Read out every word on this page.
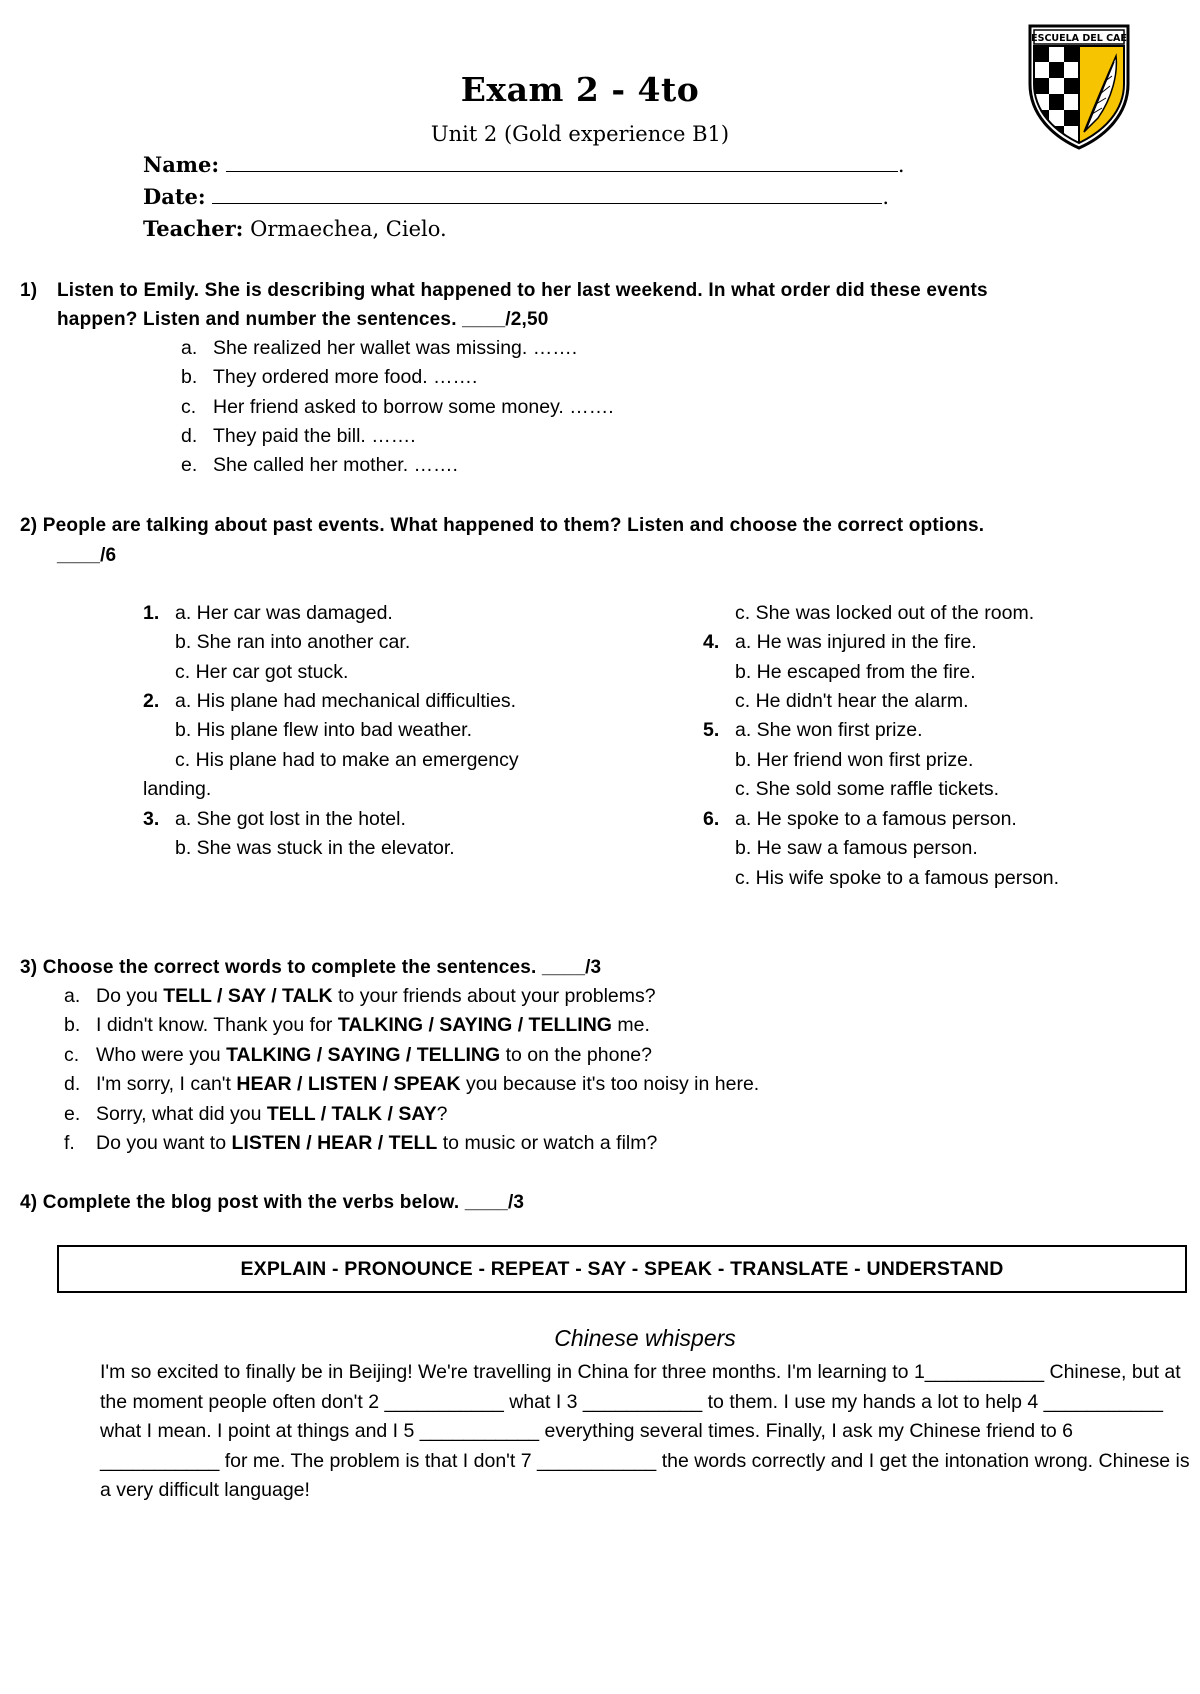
Exam 2 - 4to
Unit 2 (Gold experience B1)
Name:	.
Date:	.
Teacher: Ormaechea, Cielo.
ESCUELA DEL CAE
1) Listen to Emily. She is describing what happened to her last weekend. In what order did these events
happen? Listen and number the sentences. ____/2,50
a. She realized her wallet was missing. …….
b. They ordered more food. …….
c. Her friend asked to borrow some money. …….
d. They paid the bill. …….
e. She called her mother. …….
2) People are talking about past events. What happened to them? Listen and choose the correct options.
____/6
1. a. Her car was damaged.
b. She ran into another car.
c. Her car got stuck.
2. a. His plane had mechanical difficulties.
b. His plane flew into bad weather.
c. His plane had to make an emergency
landing.
3. a. She got lost in the hotel.
b. She was stuck in the elevator.
c. She was locked out of the room.
4. a. He was injured in the fire.
b. He escaped from the fire.
c. He didn't hear the alarm.
5. a. She won first prize.
b. Her friend won first prize.
c. She sold some raffle tickets.
6. a. He spoke to a famous person.
b. He saw a famous person.
c. His wife spoke to a famous person.
3) Choose the correct words to complete the sentences. ____/3
a. Do you TELL / SAY / TALK to your friends about your problems?
b. I didn't know. Thank you for TALKING / SAYING / TELLING me.
c. Who were you TALKING / SAYING / TELLING to on the phone?
d. I'm sorry, I can't HEAR / LISTEN / SPEAK you because it's too noisy in here.
e. Sorry, what did you TELL / TALK / SAY?
f. Do you want to LISTEN / HEAR / TELL to music or watch a film?
4) Complete the blog post with the verbs below. ____/3
EXPLAIN - PRONOUNCE - REPEAT - SAY - SPEAK - TRANSLATE - UNDERSTAND
Chinese whispers
I'm so excited to finally be in Beijing! We're travelling in China for three months. I'm learning to 1___________ Chinese, but at the moment people often don't 2 ___________ what I 3 ___________ to them. I use my hands a lot to help 4 ___________ what I mean. I point at things and I 5 ___________ everything several times. Finally, I ask my Chinese friend to 6 ___________ for me. The problem is that I don't 7 ___________ the words correctly and I get the intonation wrong. Chinese is a very difficult language!
